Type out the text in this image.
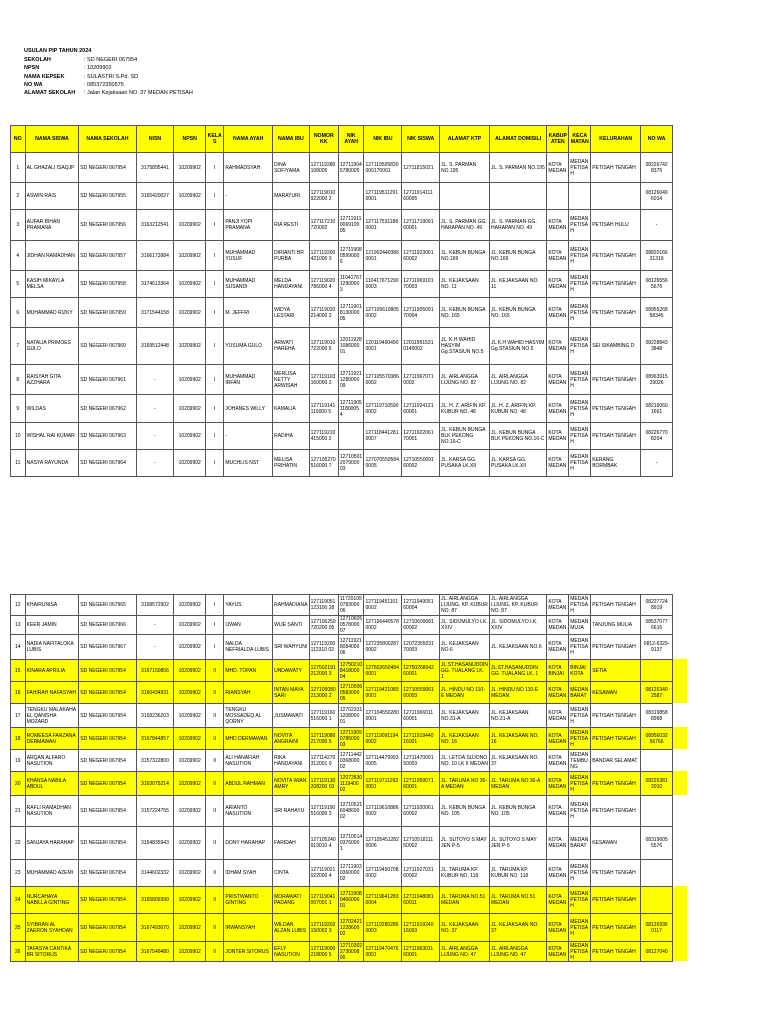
USULAN PIP TAHUN 2024
SEKOLAH	: SD NEGERI 067954
NPSN	: 10209902
NAMA KEPSEK	: SULASTRI S.Pd. SD
NO WA	: 085372350575
ALAMAT SEKOLAH	: Jalan Kejaksaan NO. 37 MEDAN PETISAH
NO	NAMA SISWA	NAMA SEKOLAH	NISN	NPSN	KELAS	NAMA AYAH	NAMA IBU	NOMOR KK	NIK AYAH	NIK IBU	NIK SISWA	ALAMAT KTP	ALAMAT DOMISILI	KABUPATEN	KECAMATAN	KELURAHAN	NO WA
1	AL GHAZALI ISAQJP	SD NEGERI 067954	3175895441	10209902	I	RAHMADSYAH	DINA SOFIYAMA	127119280108005	127119045780005	127119505830000170001	12711815021	JL. S. PARMAN NO.195	JL. S. PARMAN NO.195	KOTA MEDAN	MEDAN PETISAH	PETISAH TENGAH	08226742 8375
2	ASWIN RAIS	SD NEGERI 067955	3165420027	10209902	I	-	MARAYURI	127119010922000 2		1271195112910001	12711914111 60005						08126049 6014
3	AUFAR BIHAN PRAMANA	SD NEGERI 067956	3163212541	10209902	I	PANJI YOPI PRAMANA	RIA RESTI	127117210720002	127119110069100 05	1271175311880001	12711719091 60001	JL. S. PARMAN GG. HARAPAN NO. 49	JL. S. PARMAN GG. HARAPAN NO. 49	KOTA MEDAN	MEDAN PETISAH	PETISAH HULU	-
4	JIDHAN RAMADHAN	SD NEGERI 067957	3166173984	10209902	I	MUHAMMAD YUSUF	DIRIANTI BR PURBA	127119200421000 3	127119080599000 6	1219024403860001	12711923061 60002	JL. KEBUN BUNGA NO.169	JL. KEBUN BUNGA NO.169	KOTA MEDAN	MEDAN PETISAH	PETISAH TENGAH	08820166 31319
5	KASIH MIKAYLA MELSA	SD NEGERI 067958	3174613364	10209902	I	MUHAMMAD SUSANDI	MELDA HANDAYANI	127119020786000 4	110417671290000 3	1104176712900003	12711969101 70003	JL. KEJAKSAAN NO. 11	JL. KEJAKSAAN NO. 11	KOTA MEDAN	MEDAN PETISAH	PETISAH TENGAH	08126556 5676
6	MUHAMMAD RIZKY	SD NEGERI 067959	3171544158	10209902	I	M. JEFFRI	WIDYA LESTARI	127119020214000 2	127119018130000 05	1271056108050002	12711905091 70004	JL. KEBUN BUNGA NO. 165	JL. KEBUN BUNGA NO. 165	KOTA MEDAN	MEDAN PETISAH	PETISAH TENGAH	08955268 58345
7	NATALIA PRIMOES GULO	SD NEGERI 067960	3169512448	10209902	I	YUSUMA GULO	ARWATI HAREHA	127119010722000 5	120119281086000 01	1201194904900001	12011951531 0140002	JL. K.H WAHID HASYIM Gg.STASIUN NO.5	JL.K.H WAHID HASYIM Gg.STASIUN NO.5	KOTA MEDAN	MEDAN PETISAH	SEI SIKAMBING D	08228843 3848
8	RAISYAH GITA AZZHARA	SD NEGERI 067961	-	10209902	I	MUHAMMAD IRFAN	MERLISA KETTY ARWISAH	127119103160000 2	127119211280000 09	1271055703860002	12711967071 0002	JL. AIRLANGGA LIJUNG NO. 82	JL. AIRLANGGA LIJUNG NO. 82	KOTA MEDAN	MEDAN PETISAH	PETISAH TENGAH	08963915 29026
9	WILDAS	SD NEGERI 067962	-	10209902	I	JOHANES WILLY	KAMALIA	127119141116000 5	127119051180005 4	1271197105900002	12711924121 60001	JL. H. Z. ARIFIN KP. KUBUR NO. 48	JL. H. Z. ARIFIN KP. KUBUR NO. 48	KOTA MEDAN	MEDAN PETISAH	PETISAH TENGAH	08216060 1661
10	WISHAL RAI KUMAR	SD NEGERI 067963	-	10209902	I	-	RADIHA	127119210415000 2		1271184412810007	12711922061 70001	JL. KEBUN BUNGA BLK PEKONG NO.16-C	JL. KEBUN BUNGA BLK PEKONG NO.16-C	KOTA MEDAN	MEDAN PETISAH	PETISAH TENGAH	08226770 8204
11	NASYA RAYUNDA	SD NEGERI 067964	-	10209902	I	MUCHLIS NST	MELISA PRIHATIN	127105270516000 7	127105012079000 03	1270705505840005	12710550091 60002	JL. KARSA GG. PUSAKA LK.XII	JL. KARSA GG. PUSAKA LK.XII	KOTA MEDAN	MEDAN PETISAH	KERANG BORMBAK	-
12	KHAIRUNISA	SD NEGERI 067965	3168572902	10209902	I	YAYUS	RAHMADIANA	127119051123100 28	117201050783000 06	1271194511010002	12711949051 60004	JL. AIRLANGGA LIJUNG, KP. KUBUR NO. 87	JL. AIRLANGGA LIJUNG, KP. KUBUR NO. 87	KOTA MEDAN	MEDAN PETISAH	PETISAH TENGAH	08227724 8919
13	KEER JAMIN	SD NEGERI 067966	-	10209902	I	IJWAN	WIJE SANTI	127106250720200 05	127106050578000 07	1271064405780002	12710609081 60002	JL. SIDOMULYO LK. XXIV	JL. SIDOMULYO LK. XXIV	KOTA MEDAN	MEDAN MUJA	TANJUNG MULIA	08537077 6616
14	NADIA NAFITALOKA LUBIS	SD NEGERI 067967	-	10209902	I	NALDA NEFRIALDA LUBIS	SRI WAHYUNI	127119200112310 02	127119218084000 06	1272358002870002	12072355031 70003	JL. KEJAKSAAN NO.6	JL. KEJAKSAAN NO.6	KOTA MEDAN	MEDAN PETISAH	PETISAH TENGAH	0812-6329-9137
15	KINARA APRILIA	SD NEGERI 067954	3167150856	10209902	II	MHD. TOPAN	UNDAWATY	127502191212000 3	127502108418000 04	1275026504840001	12750268042 60001	JL.ST.HASANUDDIN GG. TUALANG LK. 1	JL.ST.HASANUDDIN GG. TUALANG LK. 1	KOTA BINJAI	BINJAI KOTA	SETIA	
16	FAHIRAH NAFASYAH	SD NEGERI 067954	3160434931	10209902	II	RIANSYAH	INTAN MAYA SARI	127105080213000 2	127105060583000 05	1271194210800001	12710559061 60003	JL. HINDU NO 110-E MEDAN	JL. HINDU NO 110-E MEDAN	KOTA MEDAN	MEDAN BARAT	KESAWAN	08126340 2587
17	TENGKU MALAKAHA EL QANISHA MOZARD	SD NEGERI 067954	3168236203	10209902	II	TENGKU MOSSADEQ AL QORNY	JUSMAWATI	127119160516000 1	127023311208000 01	1271045502800001	12711966011 60001	JL. KEJAKSAAN NO.31-A	JL. KEJAKSAAN NO.31-A	KOTA MEDAN	MEDAN PETISAH	PETISAH TENGAH	08319858 8968
18	ROMEESA FARZANA DERMAWAN	SD NEGERI 067954	3167844857	10209902	II	MHD DERMAWAN	NOVITA ANGRAINI	127119080217000 5	127119090786000 03	1271190911940002	12711919440 16001	JL. KEJAKSAAN NO. 16	JL. KEJAKSAAN NO. 16	KOTA MEDAN	MEDAN PETISAH	PETISAH TENGAH	08956032 56766
19	ARQAN ALFARO NASUTION	SD NEGERI 067954	3157322800	10209902	II	ALI HANAFIAH NASUTION	RIKA HANDAYANI	127114270312001 0	127114420368000 02	1271144799930005	12711470091 50003	JL. LETDA SUJONO NO. 10 LK II MEDAN	JL. KEJAKSAAN NO. 37	KOTA MEDAN	MEDAN TEMBUNG	BANDAR SELAMAT	
20	KHANSA NABILA ABDUL	SD NEGERI 067954	3163075214	10209902	II	ABDUL RAHMAN	NOVITA IWAN AMRY	127119130208200 03	120726301119400 02	1271197112920001	12711959071 60001	JL. TARUMA NO 36-A MEDAN	JL. TARUMA NO 36-A MEDAN	KOTA MEDAN	MEDAN PETISAH	PETISAH TENGAH	08226381 2010
21	RAFLI RAMADHAN NASUTION	SD NEGERI 067954	3157224755	10209902	II	ARIANTO NASUTION	SRI RAHAYU	127119190516000 3	127105216048600 02	1271196108860002	12711920061 60002	JL. KEBUN BUNGA NO. 105	JL. KEBUN BUNGA NO. 105	KOTA MEDAN	MEDAN PETISAH	PETISAH TENGAH	
22	SANJAYA HARAHAP	SD NEGERI 067954	3154835943	10209902	II	DONY HARAHAP	FARIDAH	127105240913010 4	127105140376000 1	1271054512820006	12710518111 50002	JL. SUTOYO S MAY JEN P-5	JL. SUTOYO S MAY JEN P-5	KOTA MEDAN	MEDAN BARAT	KESAWAN	08319605 5576
23	MUHAMMAD AZEMI	SD NEGERI 067954	3144602332	10209902	II	IDHAM SYAH	CINTA	127119021022000 4	127119030360000 02	1271194507080002	12711927031 60002	JL. TARUMA KP. KUBUR NO. 118	JL. TARUMA KP. KUBUR NO. 118	KOTA MEDAN	MEDAN PETISAH	PETISAH TENGAH	
24	NURCAHAYA NABILLA GINTING	SD NEGERI 067954	3165809399	10209902	II	PRISTWANTO GINTING	MORAWATI PADANG	127119041007001 1	127119080466000 01	1271196412830004	12711948081 60011	JL. TARUMA NO.51 MEDAN	JL. TARUMA NO.51 MEDAN	KOTA MEDAN	MEDAN PETISAH	PETISAH TENGAH	
25	SYIBRAN AL ZAERON SYAHDAN	SD NEGERI 067954	3167493070	10209902	II	IRWANSYAH	WILDAN ALZAN LUBIS	127119202150002 3	127024211228600 02	1271192802860003	12711919240 16003	JL. KEJAKSAAN NO. 37	JL. KEJAKSAAN NO. 37	KOTA MEDAN	MEDAN PETISAH	PETISAH TENGAH	08126936 0117
26	TAFASYA CANTIKA BR SITORUS	SD NEGERI 067954	3167549480	10209902	II	JONTER SITORUS	EFLY NASUTION	127119000218000 5	127103022730008 00	1271194704760001	12711963011 60001	JL. AIRLANGGA LIJUNG NO. 47	JL. AIRLANGGA LIJUNG NO. 47	KOTA MEDAN	MEDAN PETISAH	PETISAH TENGAH	08127040
